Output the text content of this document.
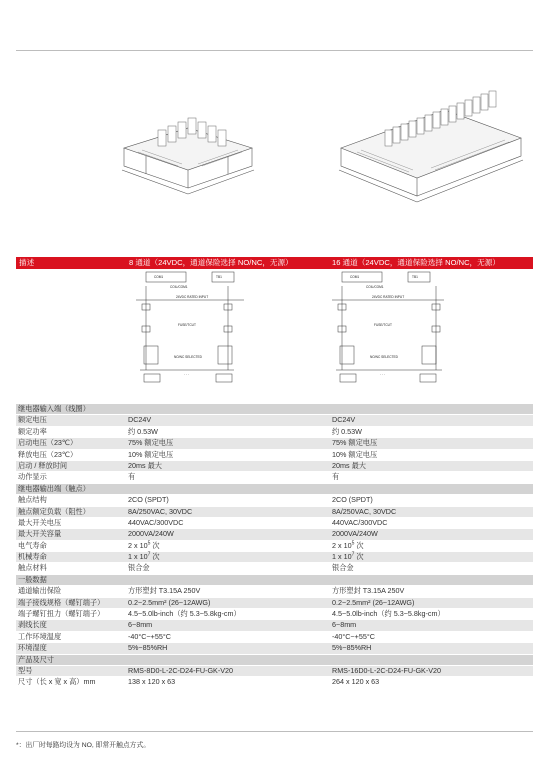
描述	8 通道（24VDC，通道保险选择 NO/NC，无源）	16 通道（24VDC，通道保险选择 NO/NC，无源）
COM1	TB1
COIL/COM1
24VDC RATED INPUT
FUSE/TCUT
NO/NC SELECTED
· · ·
COM1	TB1
COIL/COM1
24VDC RATED INPUT
FUSE/TCUT
NO/NC SELECTED
· · ·
继电器输入端（线圈）
额定电压	DC24V	DC24V
额定功率	约 0.53W	约 0.53W
启动电压（23℃）	75% 额定电压	75% 额定电压
释放电压（23℃）	10% 额定电压	10% 额定电压
启动 / 释放时间	20ms 最大	20ms 最大
动作显示	有	有
继电器输出端（触点）
触点结构	2CO (SPDT)	2CO (SPDT)
触点额定负载（阻性）	8A/250VAC, 30VDC	8A/250VAC, 30VDC
最大开关电压	440VAC/300VDC	440VAC/300VDC
最大开关容量	2000VA/240W	2000VA/240W
电气寿命	2 x $10^5$ 次	2 x $10^5$ 次
机械寿命	1 x $10^7$ 次	1 x $10^7$ 次
触点材料	银合金	银合金
一般数据
通道输出保险	方形塑封 T3.15A 250V	方形塑封 T3.15A 250V
端子接线规格（螺钉端子）	0.2~2.5mm² (26~12AWG)	0.2~2.5mm² (26~12AWG)
端子螺钉扭力（螺钉端子）	4.5~5.0lb-inch（约 5.3~5.8kg-cm）	4.5~5.0lb-inch（约 5.3~5.8kg-cm）
剥线长度	6~8mm	6~8mm
工作环境温度	-40°C~+55°C	-40°C~+55°C
环境湿度	5%~85%RH	5%~85%RH
产品及尺寸
型号	RMS-8D0-L-2C-D24-FU-GK-V20	RMS-16D0-L-2C-D24-FU-GK-V20
尺寸（长 x 宽 x 高）mm	138 x 120 x 63	264 x 120 x 63
*：出厂时每路均设为 NO, 即常开触点方式。
